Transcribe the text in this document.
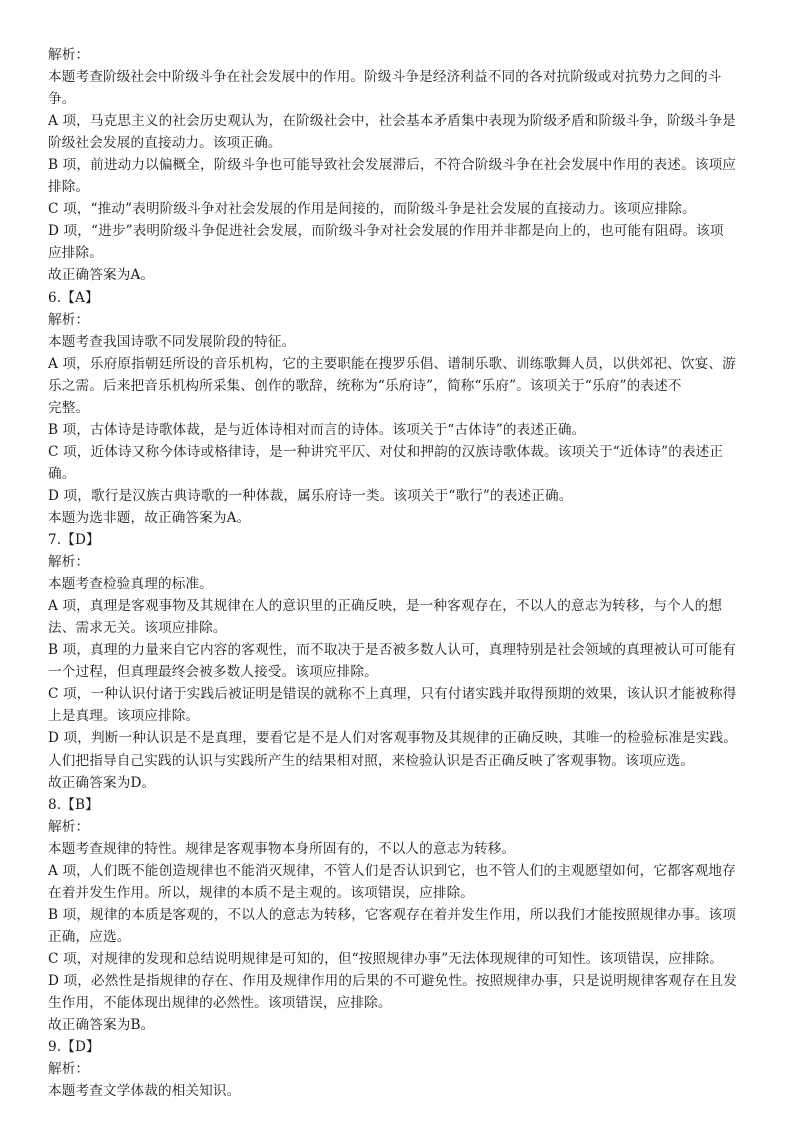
解析：
本题考查阶级社会中阶级斗争在社会发展中的作用。阶级斗争是经济利益不同的各对抗阶级或对抗势力之间的斗
争。
A 项，马克思主义的社会历史观认为，在阶级社会中，社会基本矛盾集中表现为阶级矛盾和阶级斗争，阶级斗争是
阶级社会发展的直接动力。该项正确。
B 项，前进动力以偏概全，阶级斗争也可能导致社会发展滞后，不符合阶级斗争在社会发展中作用的表述。该项应
排除。
C 项，“推动”表明阶级斗争对社会发展的作用是间接的，而阶级斗争是社会发展的直接动力。该项应排除。
D 项，“进步”表明阶级斗争促进社会发展，而阶级斗争对社会发展的作用并非都是向上的，也可能有阻碍。该项
应排除。
故正确答案为A。
6.【A】
解析：
本题考查我国诗歌不同发展阶段的特征。
A 项，乐府原指朝廷所设的音乐机构，它的主要职能在搜罗乐倡、谱制乐歌、训练歌舞人员，以供郊祀、饮宴、游
乐之需。后来把音乐机构所采集、创作的歌辞，统称为“乐府诗”，简称“乐府”。该项关于“乐府”的表述不
完整。
B 项，古体诗是诗歌体裁，是与近体诗相对而言的诗体。该项关于“古体诗”的表述正确。
C 项，近体诗又称今体诗或格律诗，是一种讲究平仄、对仗和押韵的汉族诗歌体裁。该项关于“近体诗”的表述正
确。
D 项，歌行是汉族古典诗歌的一种体裁，属乐府诗一类。该项关于“歌行”的表述正确。
本题为选非题，故正确答案为A。
7.【D】
解析：
本题考查检验真理的标准。
A 项，真理是客观事物及其规律在人的意识里的正确反映，是一种客观存在，不以人的意志为转移，与个人的想
法、需求无关。该项应排除。
B 项，真理的力量来自它内容的客观性，而不取决于是否被多数人认可，真理特别是社会领域的真理被认可可能有
一个过程，但真理最终会被多数人接受。该项应排除。
C 项，一种认识付诸于实践后被证明是错误的就称不上真理，只有付诸实践并取得预期的效果，该认识才能被称得
上是真理。该项应排除。
D 项，判断一种认识是不是真理，要看它是不是人们对客观事物及其规律的正确反映，其唯一的检验标准是实践。
人们把指导自己实践的认识与实践所产生的结果相对照，来检验认识是否正确反映了客观事物。该项应选。
故正确答案为D。
8.【B】
解析：
本题考查规律的特性。规律是客观事物本身所固有的，不以人的意志为转移。
A 项，人们既不能创造规律也不能消灭规律，不管人们是否认识到它，也不管人们的主观愿望如何，它都客观地存
在着并发生作用。所以，规律的本质不是主观的。该项错误，应排除。
B 项，规律的本质是客观的，不以人的意志为转移，它客观存在着并发生作用，所以我们才能按照规律办事。该项
正确，应选。
C 项，对规律的发现和总结说明规律是可知的，但“按照规律办事”无法体现规律的可知性。该项错误，应排除。
D 项，必然性是指规律的存在、作用及规律作用的后果的不可避免性。按照规律办事，只是说明规律客观存在且发
生作用，不能体现出规律的必然性。该项错误，应排除。
故正确答案为B。
9.【D】
解析：
本题考查文学体裁的相关知识。
